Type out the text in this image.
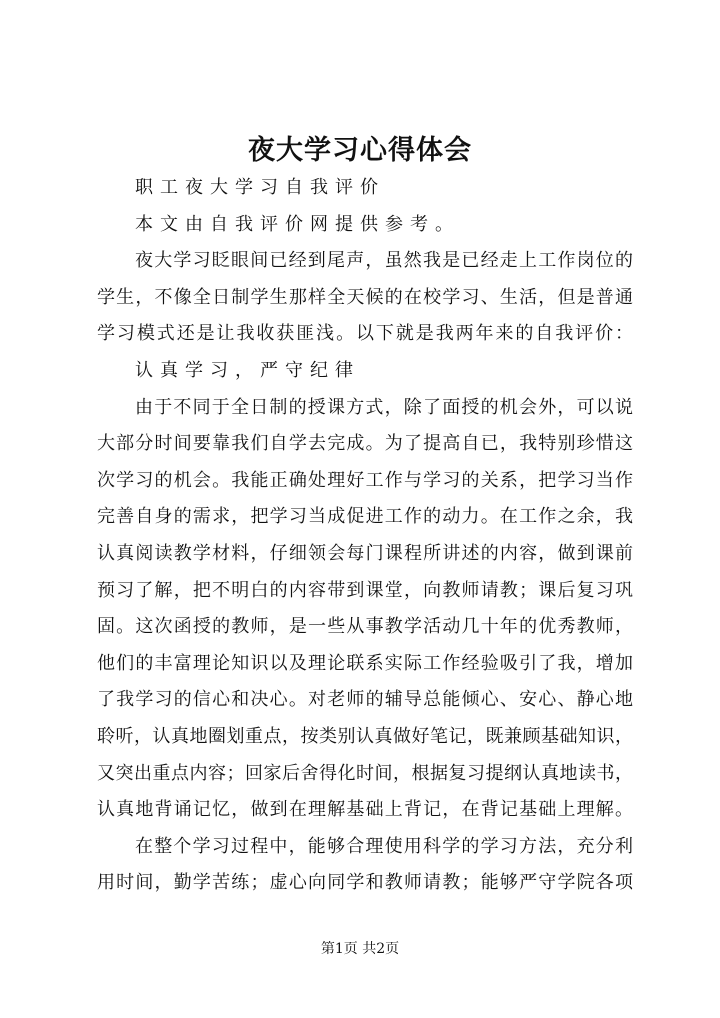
夜大学习心得体会
职工夜大学习自我评价
本文由自我评价网提供参考。
夜大学习眨眼间已经到尾声，虽然我是已经走上工作岗位的
学生，不像全日制学生那样全天候的在校学习、生活，但是普通
学习模式还是让我收获匪浅。以下就是我两年来的自我评价：
认真学习，严守纪律
由于不同于全日制的授课方式，除了面授的机会外，可以说
大部分时间要靠我们自学去完成。为了提高自已，我特别珍惜这
次学习的机会。我能正确处理好工作与学习的关系，把学习当作
完善自身的需求，把学习当成促进工作的动力。在工作之余，我
认真阅读教学材料，仔细领会每门课程所讲述的内容，做到课前
预习了解，把不明白的内容带到课堂，向教师请教；课后复习巩
固。这次函授的教师，是一些从事教学活动几十年的优秀教师，
他们的丰富理论知识以及理论联系实际工作经验吸引了我，增加
了我学习的信心和决心。对老师的辅导总能倾心、安心、静心地
聆听，认真地圈划重点，按类别认真做好笔记，既兼顾基础知识，
又突出重点内容；回家后舍得化时间，根据复习提纲认真地读书，
认真地背诵记忆，做到在理解基础上背记，在背记基础上理解。
在整个学习过程中，能够合理使用科学的学习方法，充分利
用时间，勤学苦练；虚心向同学和教师请教；能够严守学院各项
第1页 共2页
